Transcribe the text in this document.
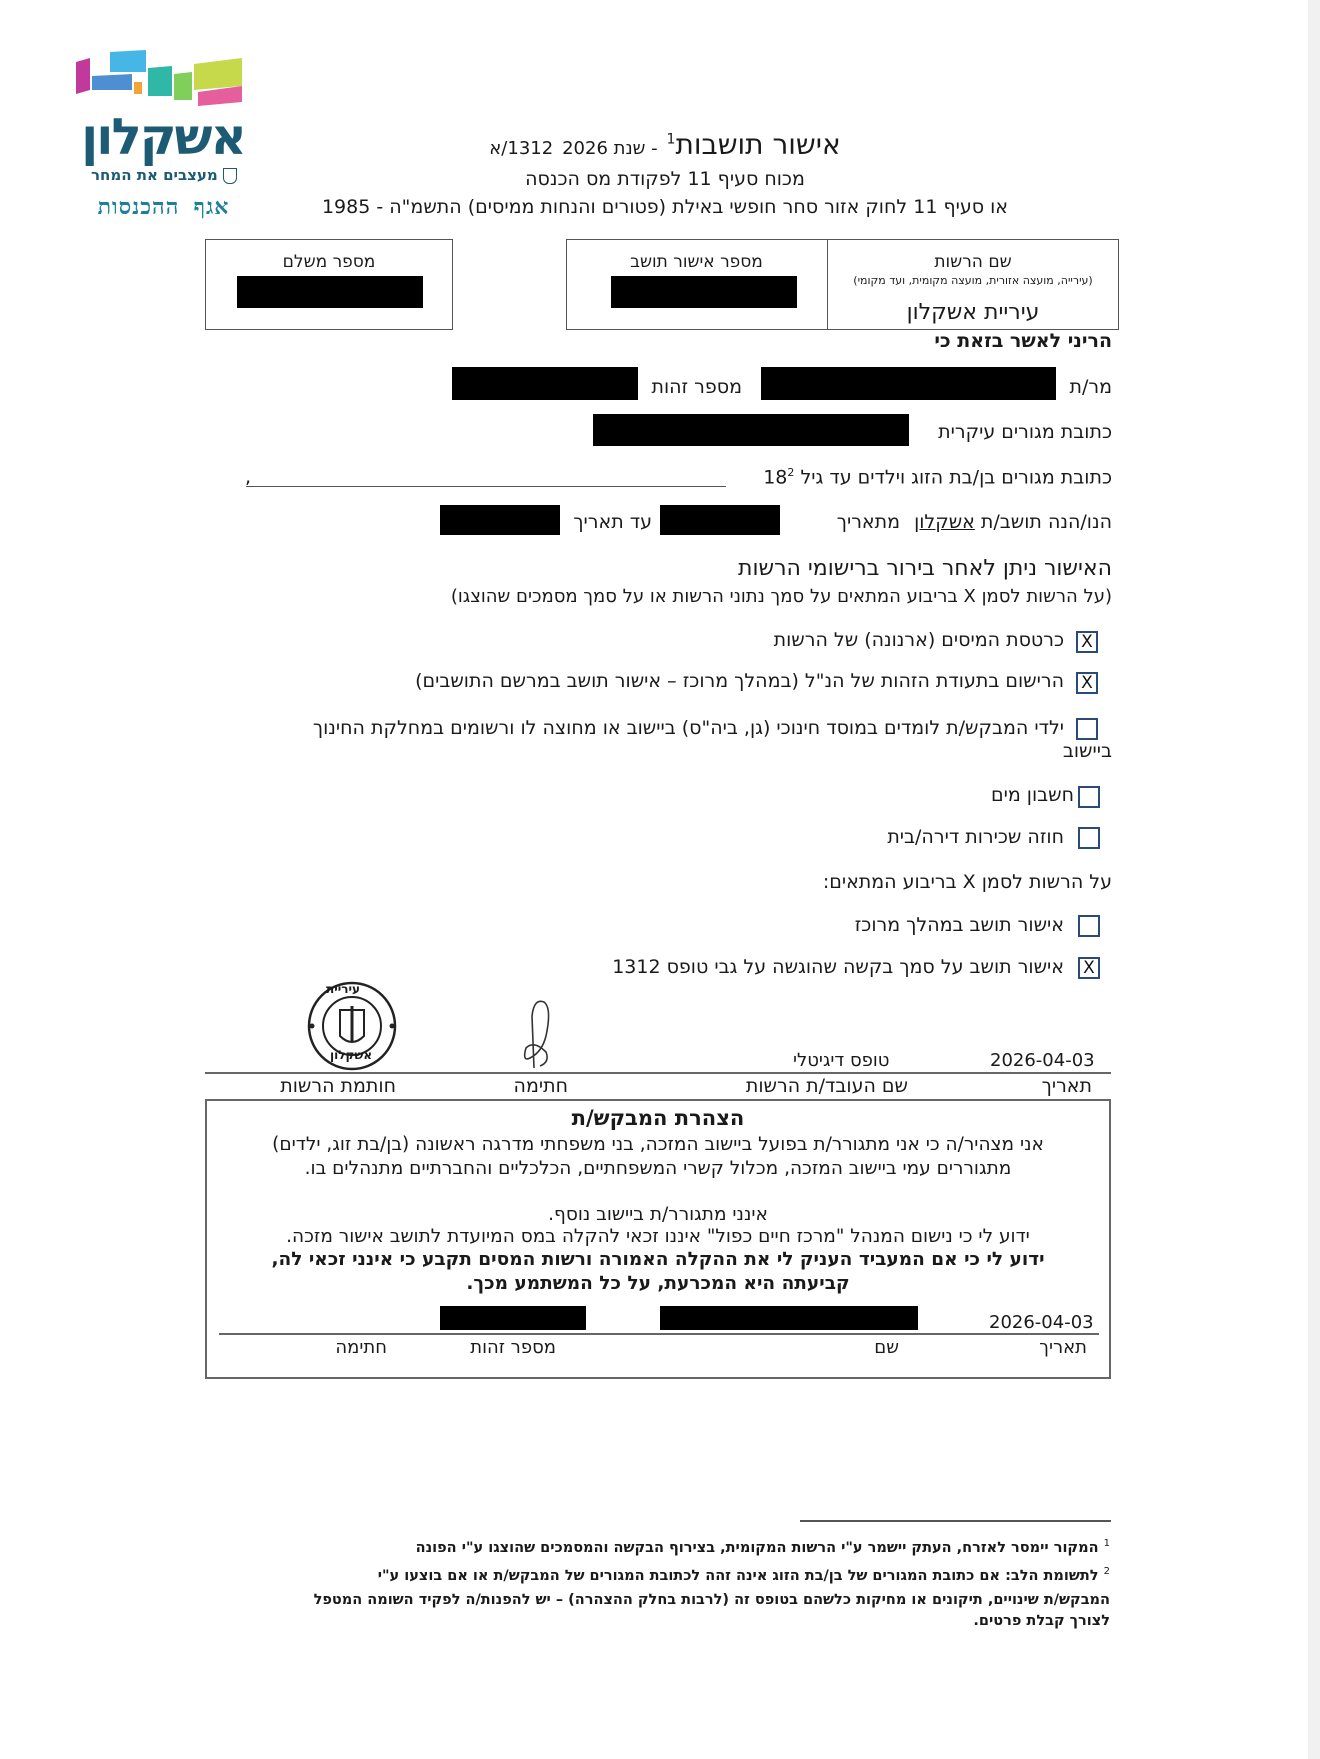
אשקלון
מעצבים את המחר
אגף ההכנסות
אישור תושבות$^1$ - שנת 2026 1312/א
מכוח סעיף 11 לפקודת מס הכנסה
או סעיף 11 לחוק אזור סחר חופשי באילת (פטורים והנחות ממיסים) התשמ"ה - 1985
שם הרשות
(עירייה, מועצה אזורית, מועצה מקומית, ועד מקומי)
עיריית אשקלון
מספר אישור תושב
מספר משלם
הריני לאשר בזאת כי
מר/ת
מספר זהות
כתובת מגורים עיקרית
כתובת מגורים בן/בת הזוג וילדים עד גיל $18^2$
,
הנו/הנה תושב/ת אשקלון מתאריך
עד תאריך
האישור ניתן לאחר בירור ברישומי הרשות
(על הרשות לסמן X בריבוע המתאים על סמך נתוני הרשות או על סמך מסמכים שהוצגו)
X
כרטסת המיסים (ארנונה) של הרשות
X
הרישום בתעודת הזהות של הנ"ל (במהלך מרוכז – אישור תושב במרשם התושבים)
ילדי המבקש/ת לומדים במוסד חינוכי (גן, ביה"ס) ביישוב או מחוצה לו ורשומים במחלקת החינוך
ביישוב
חשבון מים
חוזה שכירות דירה/בית
על הרשות לסמן X בריבוע המתאים:
אישור תושב במהלך מרוכז
X
אישור תושב על סמך בקשה שהוגשה על גבי טופס 1312
עיריית
אשקלון	2026-04-03
טופס דיגיטלי
תאריך
שם העובד/ת הרשות
חתימה
חותמת הרשות
הצהרת המבקש/ת
אני מצהיר/ה כי אני מתגורר/ת בפועל ביישוב המזכה, בני משפחתי מדרגה ראשונה (בן/בת זוג, ילדים)
מתגוררים עמי ביישוב המזכה, מכלול קשרי המשפחתיים, הכלכליים והחברתיים מתנהלים בו.
אינני מתגורר/ת ביישוב נוסף.
ידוע לי כי נישום המנהל "מרכז חיים כפול" איננו זכאי להקלה במס המיועדת לתושב אישור מזכה.
ידוע לי כי אם המעביד העניק לי את ההקלה האמורה ורשות המסים תקבע כי אינני זכאי לה,
קביעתה היא המכרעת, על כל המשתמע מכך.
2026-04-03
תאריך
שם
מספר זהות
חתימה
$^1$ המקור יימסר לאזרח, העתק יישמר ע"י הרשות המקומית, בצירוף הבקשה והמסמכים שהוצגו ע"י הפונה
$^2$ לתשומת הלב: אם כתובת המגורים של בן/בת הזוג אינה זהה לכתובת המגורים של המבקש/ת או אם בוצעו ע"י
המבקש/ת שינויים, תיקונים או מחיקות כלשהם בטופס זה (לרבות בחלק ההצהרה) – יש להפנות/ה לפקיד השומה המטפל
לצורך קבלת פרטים.
